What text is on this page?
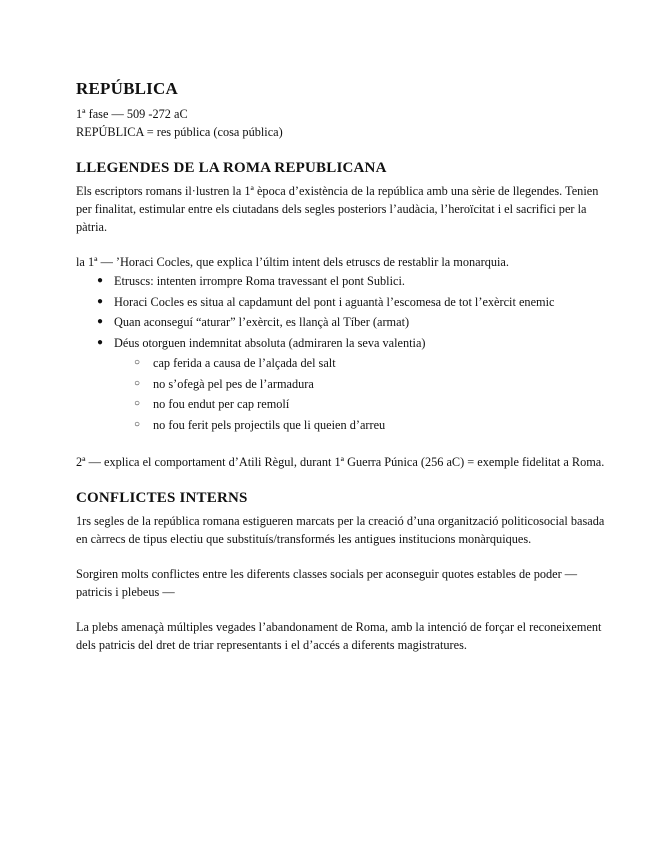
REPÚBLICA

1ª fase — 509 -272 aC

REPÚBLICA = res pública (cosa pública)

LLEGENDES DE LA ROMA REPUBLICANA

Els escriptors romans il·lustren la 1ª època d’existència de la república amb una sèrie de llegendes. Tenien per finalitat, estimular entre els ciutadans dels segles posteriors l’audàcia, l’heroïcitat i el sacrifici per la pàtria.

la 1ª — ’Horaci Cocles, que explica l’últim intent dels etruscs de restablir la monarquia.

● Etruscs: intenten irrompre Roma travessant el pont Sublici.
● Horaci Cocles es situa al capdamunt del pont i aguantà l’escomesa de tot l’exèrcit enemic
● Quan aconseguí “aturar” l’exèrcit, es llançà al Tíber (armat)
● Déus otorguen indemnitat absoluta (admiraren la seva valentia)
○ cap ferida a causa de l’alçada del salt
○ no s’ofegà pel pes de l’armadura
○ no fou endut per cap remolí
○ no fou ferit pels projectils que li queien d’arreu

2ª — explica el comportament d’Atili Règul, durant 1ª Guerra Púnica (256 aC) = exemple fidelitat a Roma.

CONFLICTES INTERNS

1rs segles de la república romana estigueren marcats per la creació d’una organització politicosocial basada en càrrecs de tipus electiu que substituís/transformés les antigues institucions monàrquiques.

Sorgiren molts conflictes entre les diferents classes socials per aconseguir quotes estables de poder — patricis i plebeus —

La plebs amenaçà múltiples vegades l’abandonament de Roma, amb la intenció de forçar el reconeixement dels patricis del dret de triar representants i el d’accés a diferents magistratures.
